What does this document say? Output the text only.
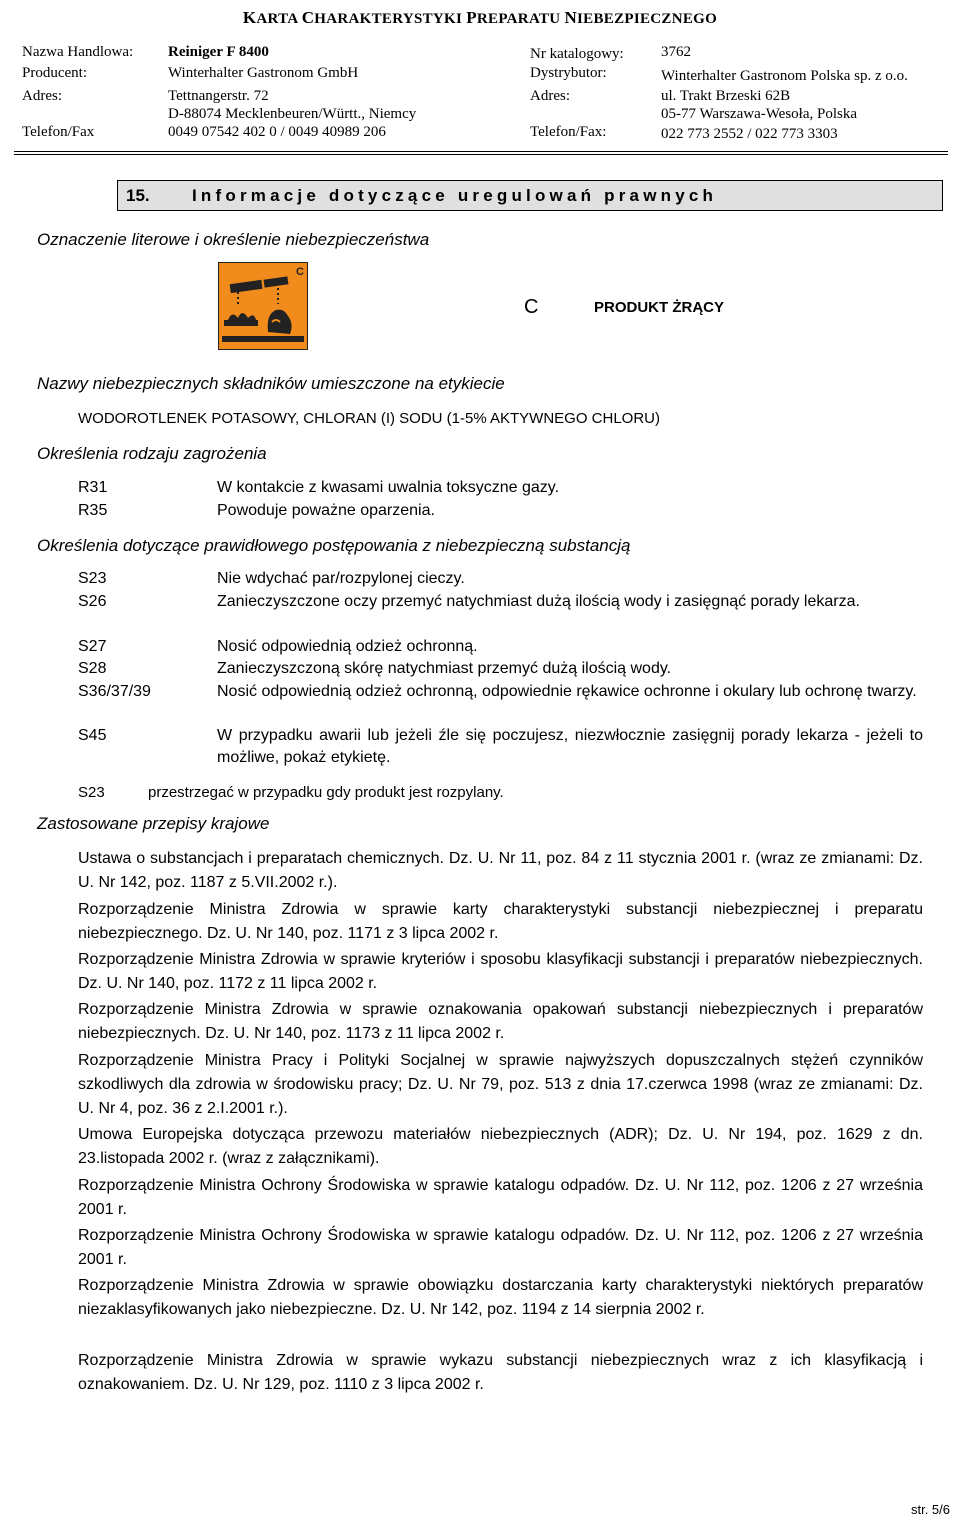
KARTA CHARAKTERYSTYKI PREPARATU NIEBEZPIECZNEGO
Nazwa Handlowa: Reiniger F 8400
Producent:	Winterhalter Gastronom GmbH
Adres:	Tettnangerstr. 72
D-88074 Mecklenbeuren/Württ., Niemcy
Telefon/Fax	0049 07542 402 0 / 0049 40989 206
Nr katalogowy: 3762
Dystrybutor:	Winterhalter Gastronom Polska sp. z o.o.
Adres:	ul. Trakt Brzeski 62B
05-77 Warszawa-Wesoła, Polska
Telefon/Fax:	022 773 2552 / 022 773 3303
15. Informacje dotyczące uregulowań prawnych
Oznaczenie literowe i określenie niebezpieczeństwa
C
C	PRODUKT ŻRĄCY
Nazwy niebezpiecznych składników umieszczone na etykiecie
WODOROTLENEK POTASOWY, CHLORAN (I) SODU (1-5% AKTYWNEGO CHLORU)
Określenia rodzaju zagrożenia
R31	W kontakcie z kwasami uwalnia toksyczne gazy.
R35	Powoduje poważne oparzenia.
Określenia dotyczące prawidłowego postępowania z niebezpieczną substancją
S23	Nie wdychać par/rozpylonej cieczy.
S26	Zanieczyszczone oczy przemyć natychmiast dużą ilością wody i zasięgnąć porady lekarza.
S27	Nosić odpowiednią odzież ochronną.
S28	Zanieczyszczoną skórę natychmiast przemyć dużą ilością wody.
S36/37/39	Nosić odpowiednią odzież ochronną, odpowiednie rękawice ochronne i okulary lub ochronę twarzy.
S45	W przypadku awarii lub jeżeli źle się poczujesz, niezwłocznie zasięgnij porady lekarza - jeżeli to możliwe, pokaż etykietę.
S23	przestrzegać w przypadku gdy produkt jest rozpylany.
Zastosowane przepisy krajowe
Ustawa o substancjach i preparatach chemicznych. Dz. U. Nr 11, poz. 84 z 11 stycznia 2001 r. (wraz ze zmianami: Dz. U. Nr 142, poz. 1187 z 5.VII.2002 r.).
Rozporządzenie Ministra Zdrowia w sprawie karty charakterystyki substancji niebezpiecznej i preparatu niebezpiecznego. Dz. U. Nr 140, poz. 1171 z 3 lipca 2002 r.
Rozporządzenie Ministra Zdrowia w sprawie kryteriów i sposobu klasyfikacji substancji i preparatów niebezpiecznych. Dz. U. Nr 140, poz. 1172 z 11 lipca 2002 r.
Rozporządzenie Ministra Zdrowia w sprawie oznakowania opakowań substancji niebezpiecznych i preparatów niebezpiecznych. Dz. U. Nr 140, poz. 1173 z 11 lipca 2002 r.
Rozporządzenie Ministra Pracy i Polityki Socjalnej w sprawie najwyższych dopuszczalnych stężeń czynników szkodliwych dla zdrowia w środowisku pracy; Dz. U. Nr 79, poz. 513 z dnia 17.czerwca 1998 (wraz ze zmianami: Dz. U. Nr 4, poz. 36 z 2.I.2001 r.).
Umowa Europejska dotycząca przewozu materiałów niebezpiecznych (ADR); Dz. U. Nr 194, poz. 1629 z dn. 23.listopada 2002 r. (wraz z załącznikami).
Rozporządzenie Ministra Ochrony Środowiska w sprawie katalogu odpadów. Dz. U. Nr 112, poz. 1206 z 27 września 2001 r.
Rozporządzenie Ministra Ochrony Środowiska w sprawie katalogu odpadów. Dz. U. Nr 112, poz. 1206 z 27 września 2001 r.
Rozporządzenie Ministra Zdrowia w sprawie obowiązku dostarczania karty charakterystyki niektórych preparatów niezaklasyfikowanych jako niebezpieczne. Dz. U. Nr 142, poz. 1194 z 14 sierpnia 2002 r.
Rozporządzenie Ministra Zdrowia w sprawie wykazu substancji niebezpiecznych wraz z ich klasyfikacją i oznakowaniem. Dz. U. Nr 129, poz. 1110 z 3 lipca 2002 r.
str. 5/6
